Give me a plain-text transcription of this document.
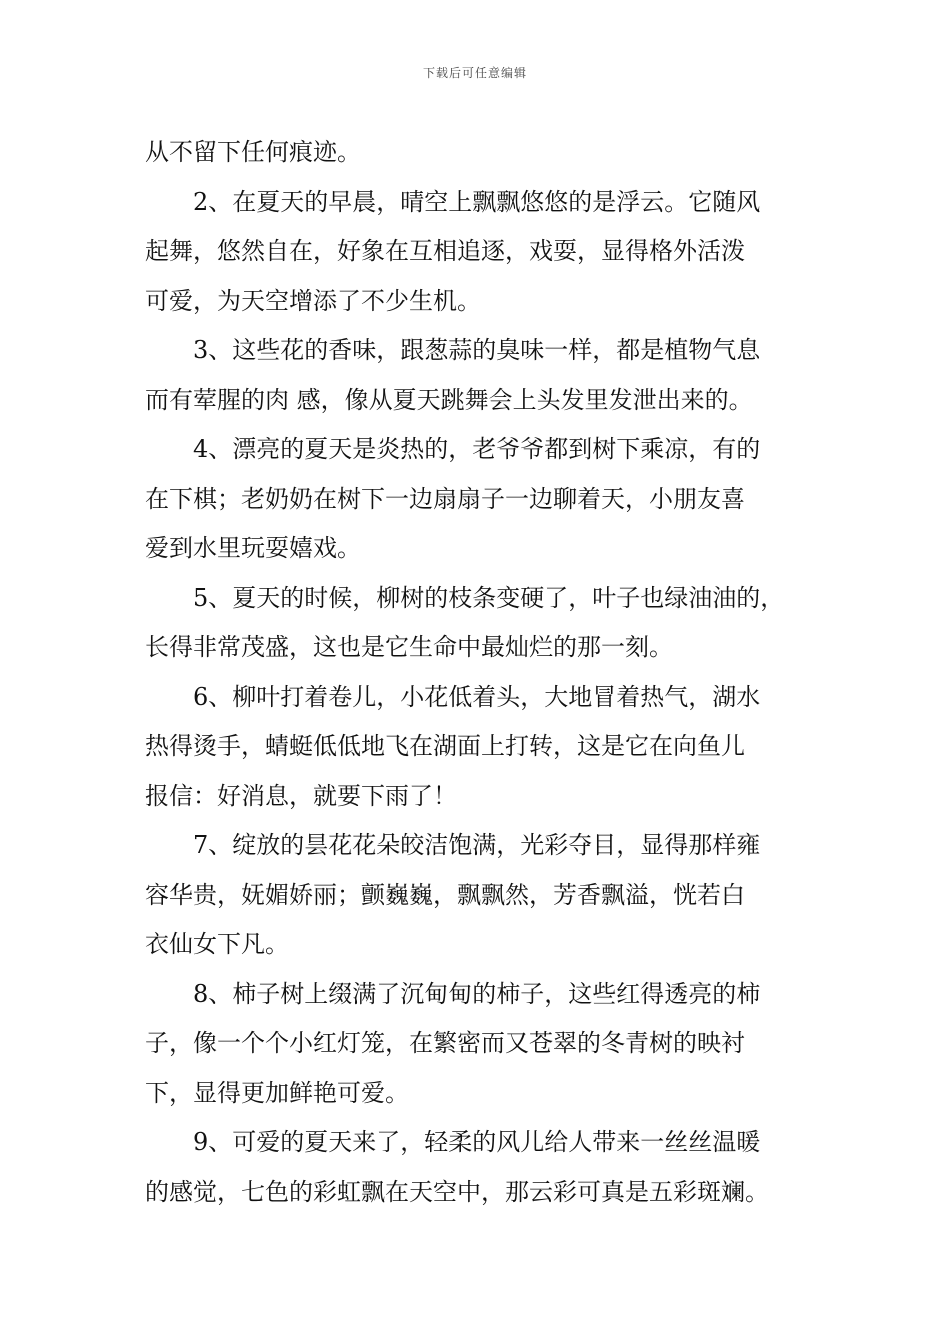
下载后可任意编辑
从不留下任何痕迹。
2、在夏天的早晨，晴空上飘飘悠悠的是浮云。它随风
起舞，悠然自在，好象在互相追逐，戏耍，显得格外活泼
可爱，为天空增添了不少生机。
3、这些花的香味，跟葱蒜的臭味一样，都是植物气息
而有荤腥的肉 感，像从夏天跳舞会上头发里发泄出来的。
4、漂亮的夏天是炎热的，老爷爷都到树下乘凉，有的
在下棋；老奶奶在树下一边扇扇子一边聊着天，小朋友喜
爱到水里玩耍嬉戏。
5、夏天的时候，柳树的枝条变硬了，叶子也绿油油的，
长得非常茂盛，这也是它生命中最灿烂的那一刻。
6、柳叶打着卷儿，小花低着头，大地冒着热气，湖水
热得烫手，蜻蜓低低地飞在湖面上打转，这是它在向鱼儿
报信：好消息，就要下雨了！
7、绽放的昙花花朵皎洁饱满，光彩夺目，显得那样雍
容华贵，妩媚娇丽；颤巍巍，飘飘然，芳香飘溢，恍若白
衣仙女下凡。
8、柿子树上缀满了沉甸甸的柿子，这些红得透亮的柿
子，像一个个小红灯笼，在繁密而又苍翠的冬青树的映衬
下，显得更加鲜艳可爱。
9、可爱的夏天来了，轻柔的风儿给人带来一丝丝温暖
的感觉，七色的彩虹飘在天空中，那云彩可真是五彩斑斓。
